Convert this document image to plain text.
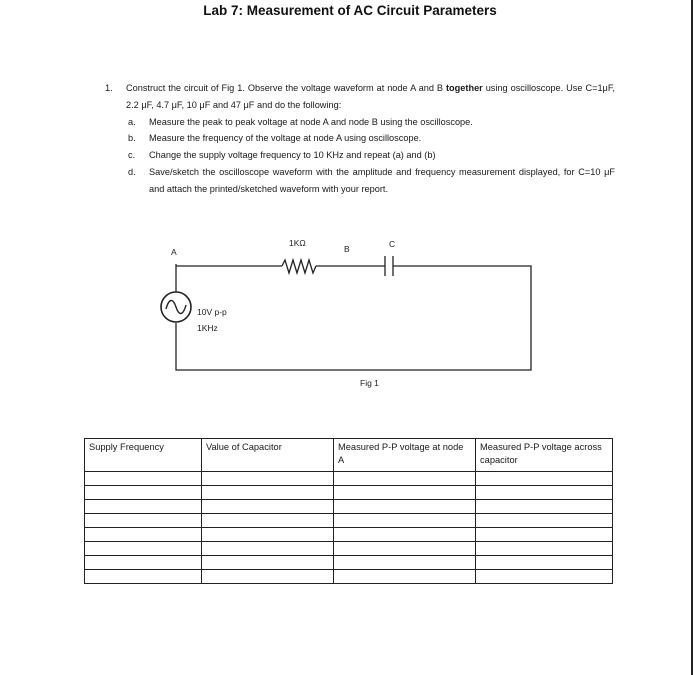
Lab 7: Measurement of AC Circuit Parameters
1.	Construct the circuit of Fig 1. Observe the voltage waveform at node A and B together using oscilloscope. Use C=1μF, 2.2 μF, 4.7 μF, 10 μF and 47 μF and do the following:
a.	Measure the peak to peak voltage at node A and node B using the oscilloscope.
b.	Measure the frequency of the voltage at node A using oscilloscope.
c.	Change the supply voltage frequency to 10 KHz and repeat (a) and (b)
d.	Save/sketch the oscilloscope waveform with the amplitude and frequency measurement displayed, for C=10 μF and attach the printed/sketched waveform with your report.
A	B	C
1KΩ
10V p-p
1KHz
Fig 1
Supply Frequency	Value of Capacitor	Measured P-P voltage at node A	Measured P-P voltage across capacitor
